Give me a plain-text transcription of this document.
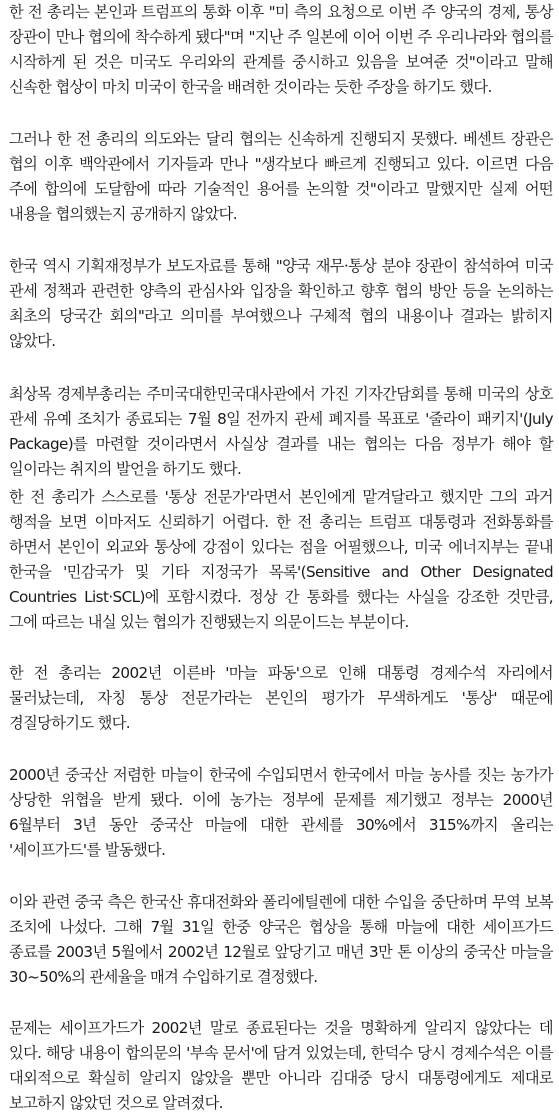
한 전 총리는 본인과 트럼프의 통화 이후 "미 측의 요청으로 이번 주 양국의 경제, 통상 장관이 만나 협의에 착수하게 됐다"며 "지난 주 일본에 이어 이번 주 우리나라와 협의를 시작하게 된 것은 미국도 우리와의 관계를 중시하고 있음을 보여준 것"이라고 말해 신속한 협상이 마치 미국이 한국을 배려한 것이라는 듯한 주장을 하기도 했다.

그러나 한 전 총리의 의도와는 달리 협의는 신속하게 진행되지 못했다. 베센트 장관은 협의 이후 백악관에서 기자들과 만나 "생각보다 빠르게 진행되고 있다. 이르면 다음 주에 합의에 도달함에 따라 기술적인 용어를 논의할 것"이라고 말했지만 실제 어떤 내용을 협의했는지 공개하지 않았다.

한국 역시 기획재정부가 보도자료를 통해 "양국 재무·통상 분야 장관이 참석하여 미국 관세 정책과 관련한 양측의 관심사와 입장을 확인하고 향후 협의 방안 등을 논의하는 최초의 당국간 회의"라고 의미를 부여했으나 구체적 협의 내용이나 결과는 밝히지 않았다.

최상목 경제부총리는 주미국대한민국대사관에서 가진 기자간담회를 통해 미국의 상호 관세 유예 조치가 종료되는 7월 8일 전까지 관세 폐지를 목표로 '줄라이 패키지'(July Package)를 마련할 것이라면서 사실상 결과를 내는 협의는 다음 정부가 해야 할 일이라는 취지의 발언을 하기도 했다.

한 전 총리가 스스로를 '통상 전문가'라면서 본인에게 맡겨달라고 했지만 그의 과거 행적을 보면 이마저도 신뢰하기 어렵다. 한 전 총리는 트럼프 대통령과 전화통화를 하면서 본인이 외교와 통상에 강점이 있다는 점을 어필했으나, 미국 에너지부는 끝내 한국을 '민감국가 및 기타 지정국가 목록'(Sensitive and Other Designated Countries List·SCL)에 포함시켰다. 정상 간 통화를 했다는 사실을 강조한 것만큼, 그에 따르는 내실 있는 협의가 진행됐는지 의문이드는 부분이다.

한 전 총리는 2002년 이른바 '마늘 파동'으로 인해 대통령 경제수석 자리에서 물러났는데, 자칭 통상 전문가라는 본인의 평가가 무색하게도 '통상' 때문에 경질당하기도 했다.

2000년 중국산 저렴한 마늘이 한국에 수입되면서 한국에서 마늘 농사를 짓는 농가가 상당한 위협을 받게 됐다. 이에 농가는 정부에 문제를 제기했고 정부는 2000년 6월부터 3년 동안 중국산 마늘에 대한 관세를 30%에서 315%까지 올리는 '세이프가드'를 발동했다.

이와 관련 중국 측은 한국산 휴대전화와 폴리에틸렌에 대한 수입을 중단하며 무역 보복 조치에 나섰다. 그해 7월 31일 한중 양국은 협상을 통해 마늘에 대한 세이프가드 종료를 2003년 5월에서 2002년 12월로 앞당기고 매년 3만 톤 이상의 중국산 마늘을 30~50%의 관세율을 매겨 수입하기로 결정했다.

문제는 세이프가드가 2002년 말로 종료된다는 것을 명확하게 알리지 않았다는 데 있다. 해당 내용이 합의문의 '부속 문서'에 담겨 있었는데, 한덕수 당시 경제수석은 이를 대외적으로 확실히 알리지 않았을 뿐만 아니라 김대중 당시 대통령에게도 제대로 보고하지 않았던 것으로 알려졌다.
